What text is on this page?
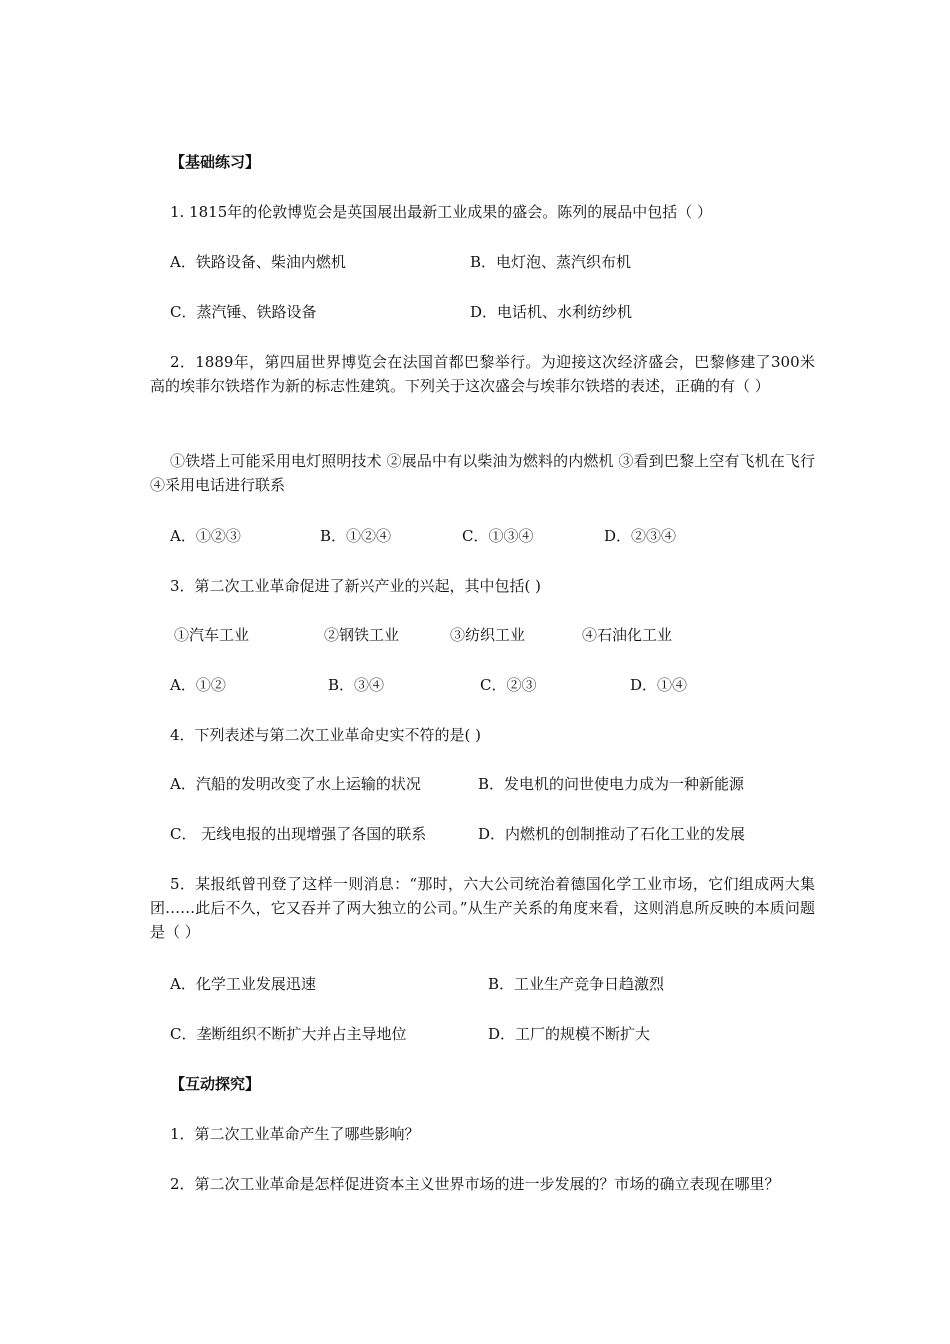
【基础练习】
1. 1815年的伦敦博览会是英国展出最新工业成果的盛会。陈列的展品中包括（ ）
A．铁路设备、柴油内燃机	B．电灯泡、蒸汽织布机
C．蒸汽锤、铁路设备	D．电话机、水利纺纱机
2．1889年，第四届世界博览会在法国首都巴黎举行。为迎接这次经济盛会，巴黎修建了300米高的埃菲尔铁塔作为新的标志性建筑。下列关于这次盛会与埃菲尔铁塔的表述，正确的有（ ）
①铁塔上可能采用电灯照明技术 ②展品中有以柴油为燃料的内燃机 ③看到巴黎上空有飞机在飞行 ④采用电话进行联系
A．①②③	B．①②④	C．①③④	D．②③④
3．第二次工业革命促进了新兴产业的兴起，其中包括( )
①汽车工业	②钢铁工业	③纺织工业	④石油化工业
A．①②	B．③④	C．②③	D．①④
4．下列表述与第二次工业革命史实不符的是( )
A．汽船的发明改变了水上运输的状况	B．发电机的问世使电力成为一种新能源
C． 无线电报的出现增强了各国的联系	D．内燃机的创制推动了石化工业的发展
5．某报纸曾刊登了这样一则消息：“那时，六大公司统治着德国化学工业市场，它们组成两大集团……此后不久，它又吞并了两大独立的公司。”从生产关系的角度来看，这则消息所反映的本质问题是（ ）
A．化学工业发展迅速	B．工业生产竞争日趋激烈
C．垄断组织不断扩大并占主导地位	D．工厂的规模不断扩大
【互动探究】
1．第二次工业革命产生了哪些影响？
2．第二次工业革命是怎样促进资本主义世界市场的进一步发展的？市场的确立表现在哪里？
